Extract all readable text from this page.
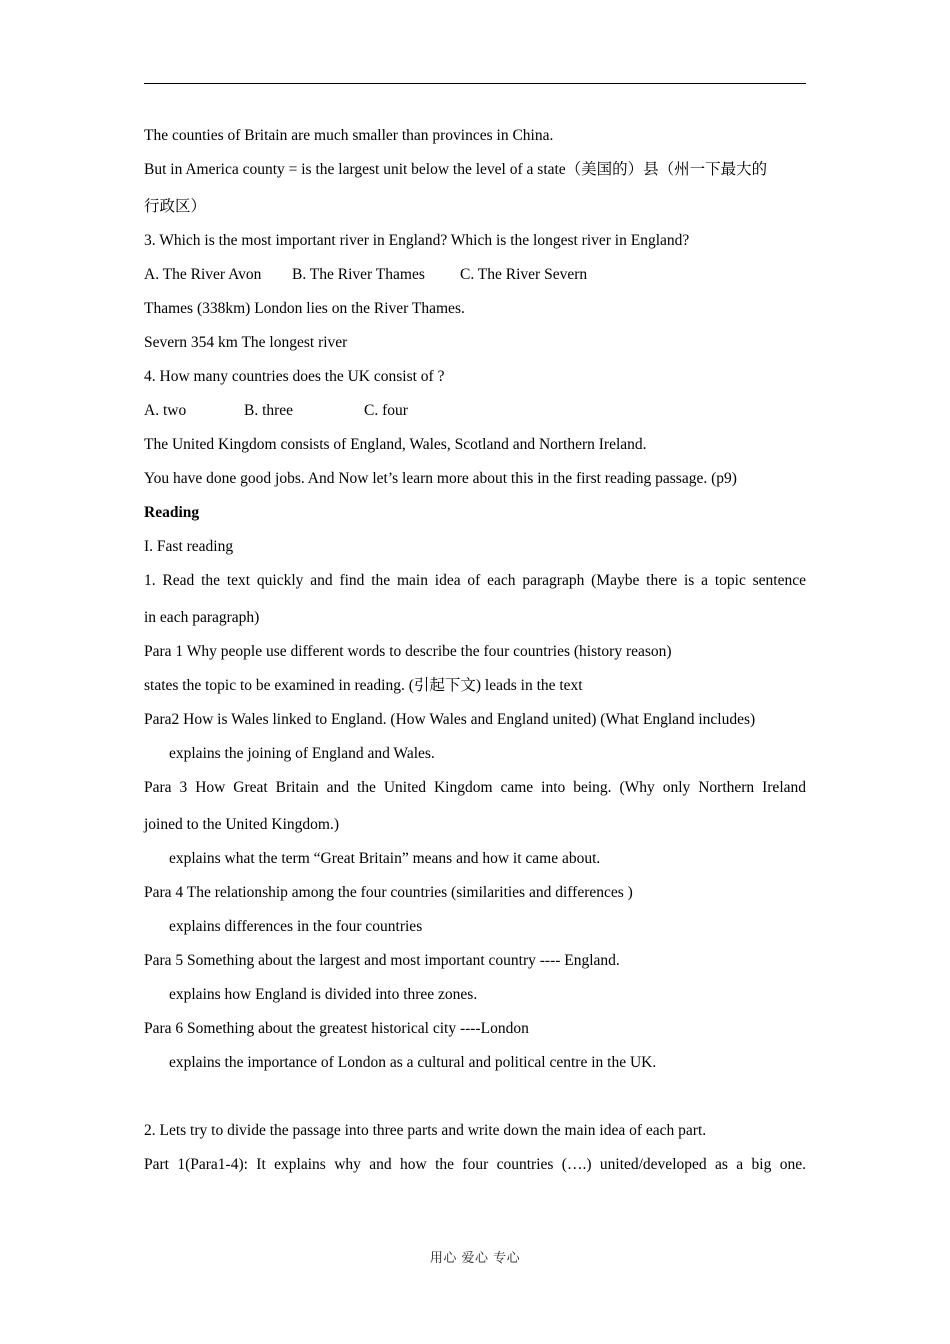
The counties of Britain are much smaller than provinces in China.
But in America county = is the largest unit below the level of a state（美国的）县（州一下最大的
行政区）
3. Which is the most important river in England? Which is the longest river in England?
A. The River Avon B. The River Thames C. The River Severn
Thames (338km) London lies on the River Thames.
Severn 354 km The longest river
4. How many countries does the UK consist of ?
A. two	B. three	C. four
The United Kingdom consists of England, Wales, Scotland and Northern Ireland.
You have done good jobs. And Now let’s learn more about this in the first reading passage. (p9)
Reading
I. Fast reading
1. Read the text quickly and find the main idea of each paragraph (Maybe there is a topic sentence
in each paragraph)
Para 1 Why people use different words to describe the four countries (history reason)
states the topic to be examined in reading. (引起下文) leads in the text
Para2 How is Wales linked to England. (How Wales and England united) (What England includes)
explains the joining of England and Wales.
Para 3 How Great Britain and the United Kingdom came into being. (Why only Northern Ireland
joined to the United Kingdom.)
explains what the term “Great Britain” means and how it came about.
Para 4 The relationship among the four countries (similarities and differences )
explains differences in the four countries
Para 5 Something about the largest and most important country ---- England.
explains how England is divided into three zones.
Para 6 Something about the greatest historical city ----London
explains the importance of London as a cultural and political centre in the UK.
2. Lets try to divide the passage into three parts and write down the main idea of each part.
Part 1(Para1-4): It explains why and how the four countries (….) united/developed as a big one.
用心 爱心 专心
